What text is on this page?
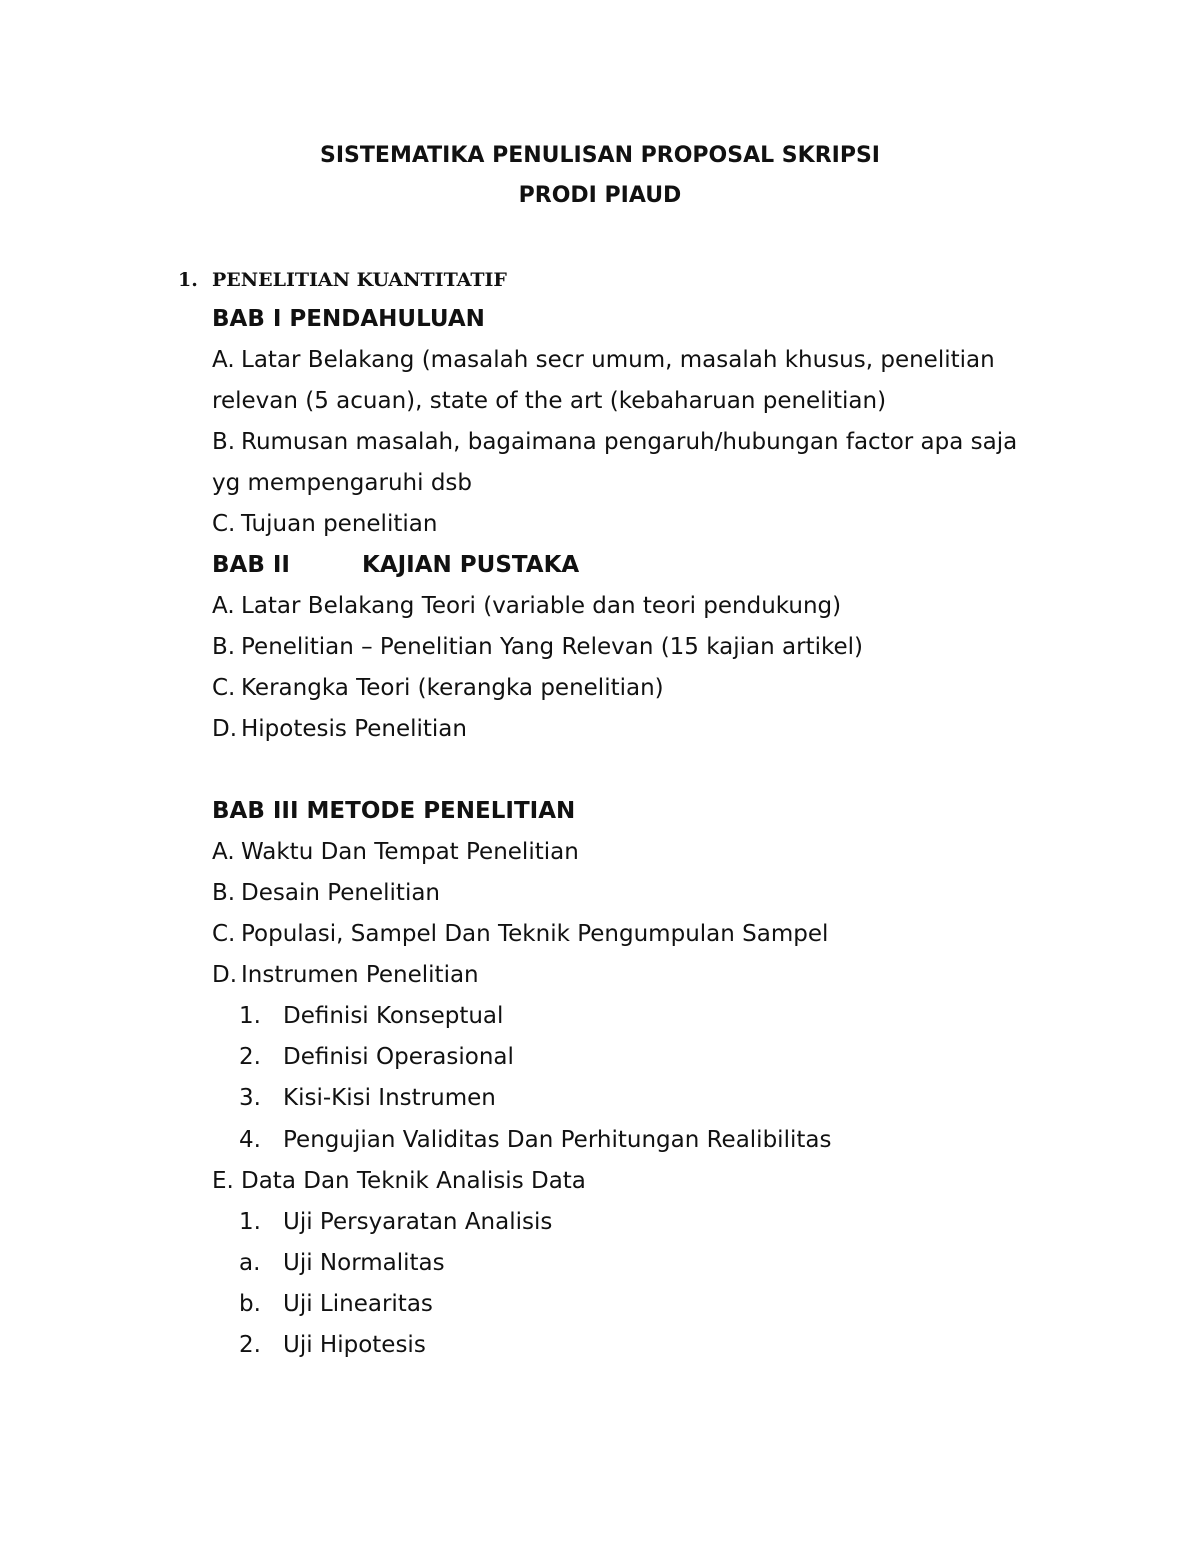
SISTEMATIKA PENULISAN PROPOSAL SKRIPSI
PRODI PIAUD
1. PENELITIAN KUANTITATIF
BAB I PENDAHULUAN
A. Latar Belakang (masalah secr umum, masalah khusus, penelitian
relevan (5 acuan), state of the art (kebaharuan penelitian)
B. Rumusan masalah, bagaimana pengaruh/hubungan factor apa saja
yg mempengaruhi dsb
C. Tujuan penelitian
BAB II	KAJIAN PUSTAKA
A. Latar Belakang Teori (variable dan teori pendukung)
B. Penelitian – Penelitian Yang Relevan (15 kajian artikel)
C. Kerangka Teori (kerangka penelitian)
D. Hipotesis Penelitian
BAB III METODE PENELITIAN
A. Waktu Dan Tempat Penelitian
B. Desain Penelitian
C. Populasi, Sampel Dan Teknik Pengumpulan Sampel
D. Instrumen Penelitian
1. Definisi Konseptual
2. Definisi Operasional
3. Kisi-Kisi Instrumen
4. Pengujian Validitas Dan Perhitungan Realibilitas
E. Data Dan Teknik Analisis Data
1. Uji Persyaratan Analisis
a. Uji Normalitas
b. Uji Linearitas
2. Uji Hipotesis
